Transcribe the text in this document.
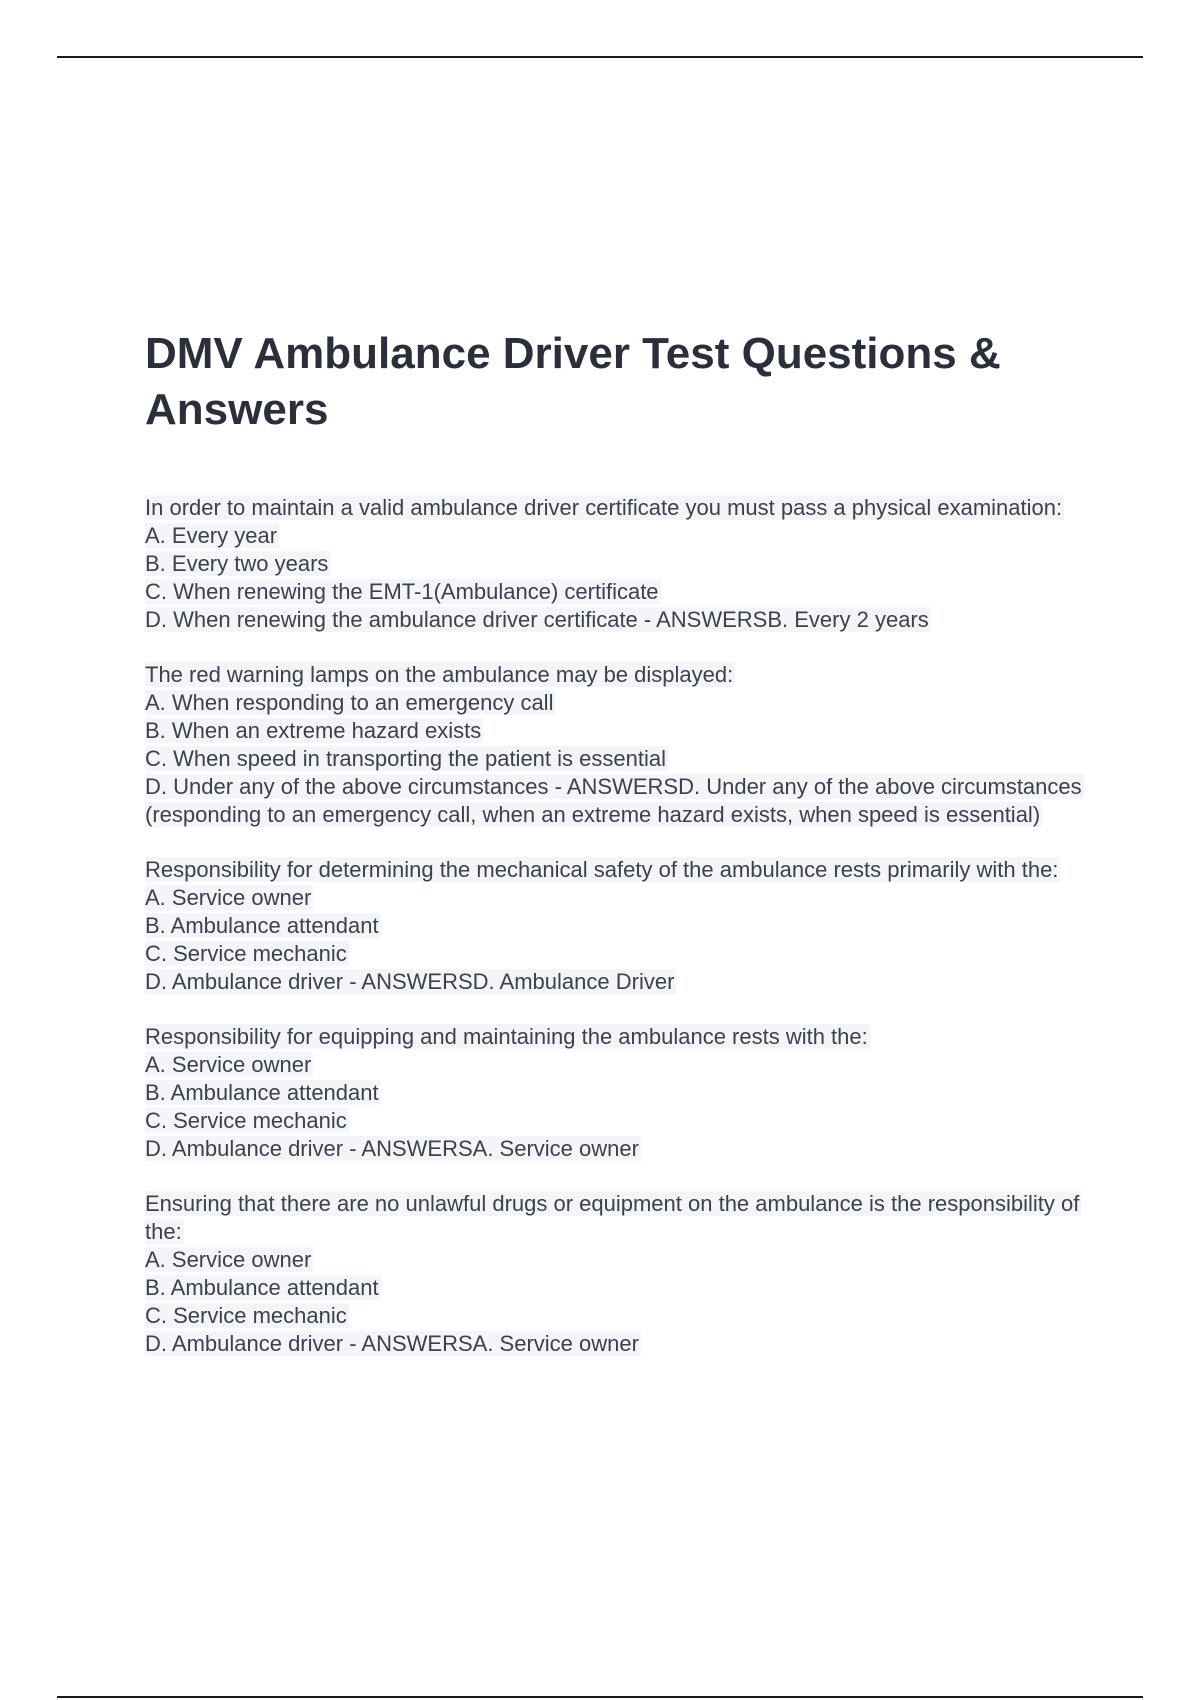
DMV Ambulance Driver Test Questions & Answers
In order to maintain a valid ambulance driver certificate you must pass a physical examination:
A. Every year
B. Every two years
C. When renewing the EMT-1(Ambulance) certificate
D. When renewing the ambulance driver certificate - ANSWERSB. Every 2 years
The red warning lamps on the ambulance may be displayed:
A. When responding to an emergency call
B. When an extreme hazard exists
C. When speed in transporting the patient is essential
D. Under any of the above circumstances - ANSWERSD. Under any of the above circumstances (responding to an emergency call, when an extreme hazard exists, when speed is essential)
Responsibility for determining the mechanical safety of the ambulance rests primarily with the:
A. Service owner
B. Ambulance attendant
C. Service mechanic
D. Ambulance driver - ANSWERSD. Ambulance Driver
Responsibility for equipping and maintaining the ambulance rests with the:
A. Service owner
B. Ambulance attendant
C. Service mechanic
D. Ambulance driver - ANSWERSA. Service owner
Ensuring that there are no unlawful drugs or equipment on the ambulance is the responsibility of the:
A. Service owner
B. Ambulance attendant
C. Service mechanic
D. Ambulance driver - ANSWERSA. Service owner
